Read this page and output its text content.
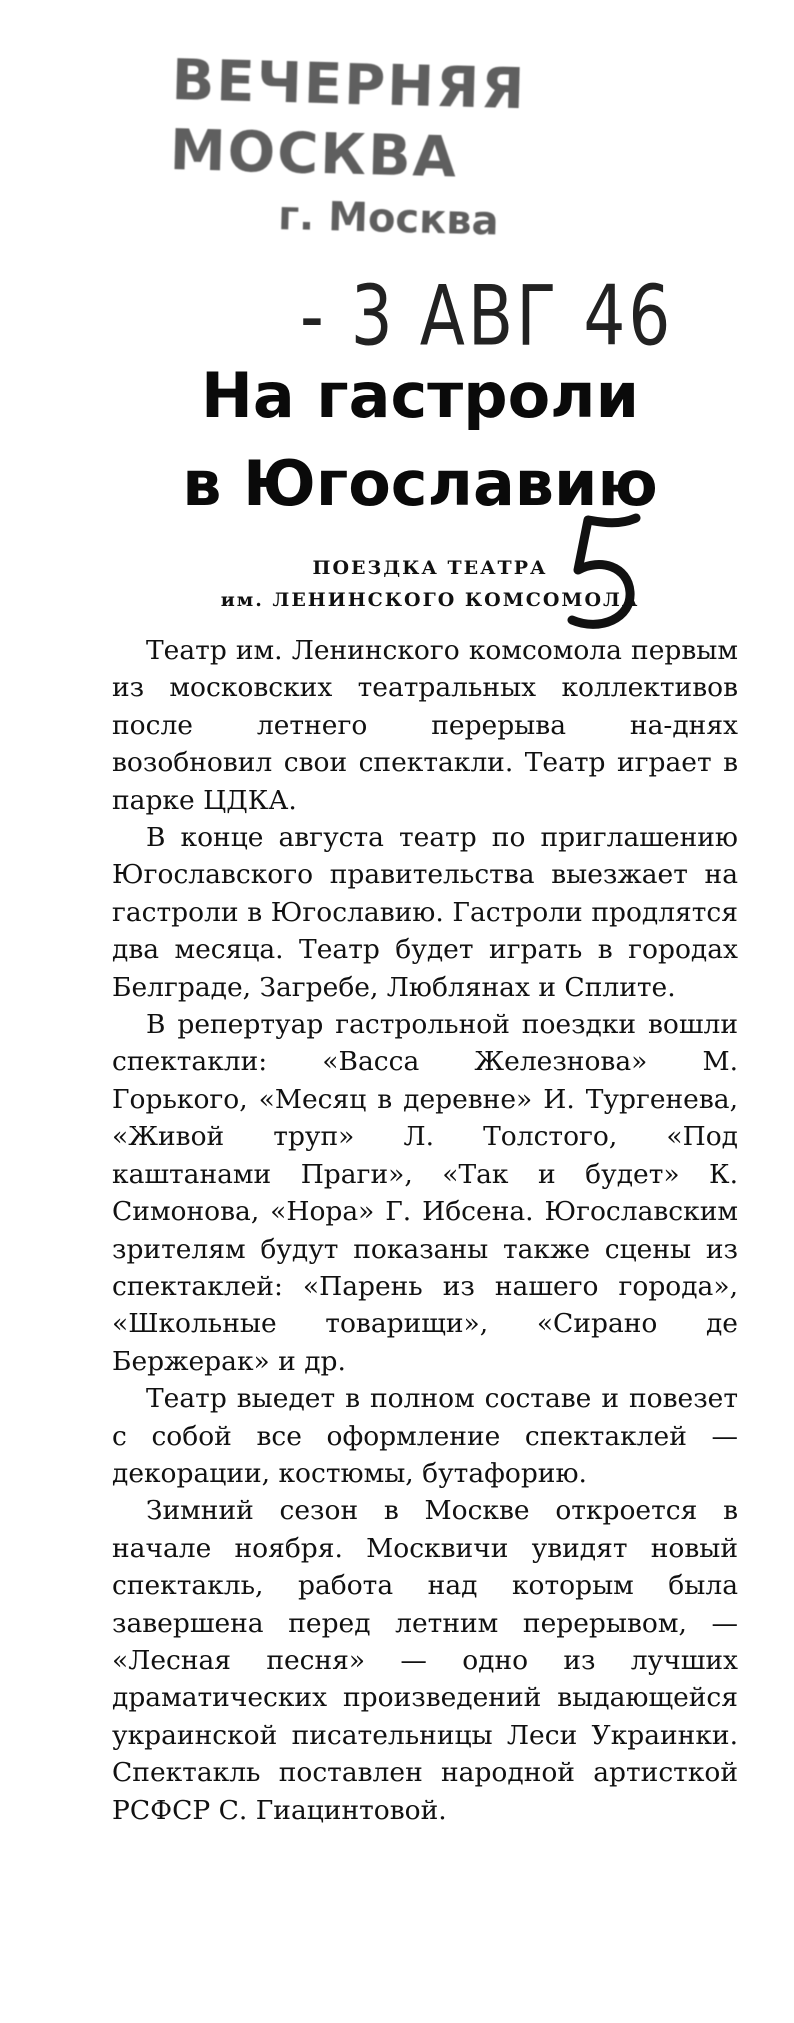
ВЕЧЕРНЯЯ МОСКВА
г. Москва
- 3 АВГ 46
На гастроли
в Югославию
ПОЕЗДКА ТЕАТРА
им. ЛЕНИНСКОГО КОМСОМОЛА

Театр им. Ленинского комсомола первым из московских театральных коллективов после летнего перерыва на-днях возобновил свои спектакли. Театр играет в парке ЦДКА.

В конце августа театр по приглашению Югославского правительства выезжает на гастроли в Югославию. Гастроли продлятся два месяца. Театр будет играть в городах Белграде, Загребе, Люблянах и Сплите.

В репертуар гастрольной поездки вошли спектакли: «Васса Железнова» М. Горького, «Месяц в деревне» И. Тургенева, «Живой труп» Л. Толстого, «Под каштанами Праги», «Так и будет» К. Симонова, «Нора» Г. Ибсена. Югославским зрителям будут показаны также сцены из спектаклей: «Парень из нашего города», «Школьные товарищи», «Сирано де Бержерак» и др.

Театр выедет в полном составе и повезет с собой все оформление спектаклей — декорации, костюмы, бутафорию.

Зимний сезон в Москве откроется в начале ноября. Москвичи увидят новый спектакль, работа над которым была завершена перед летним перерывом, — «Лесная песня» — одно из лучших драматических произведений выдающейся украинской писательницы Леси Украинки. Спектакль поставлен народной артисткой РСФСР С. Гиацинтовой.
